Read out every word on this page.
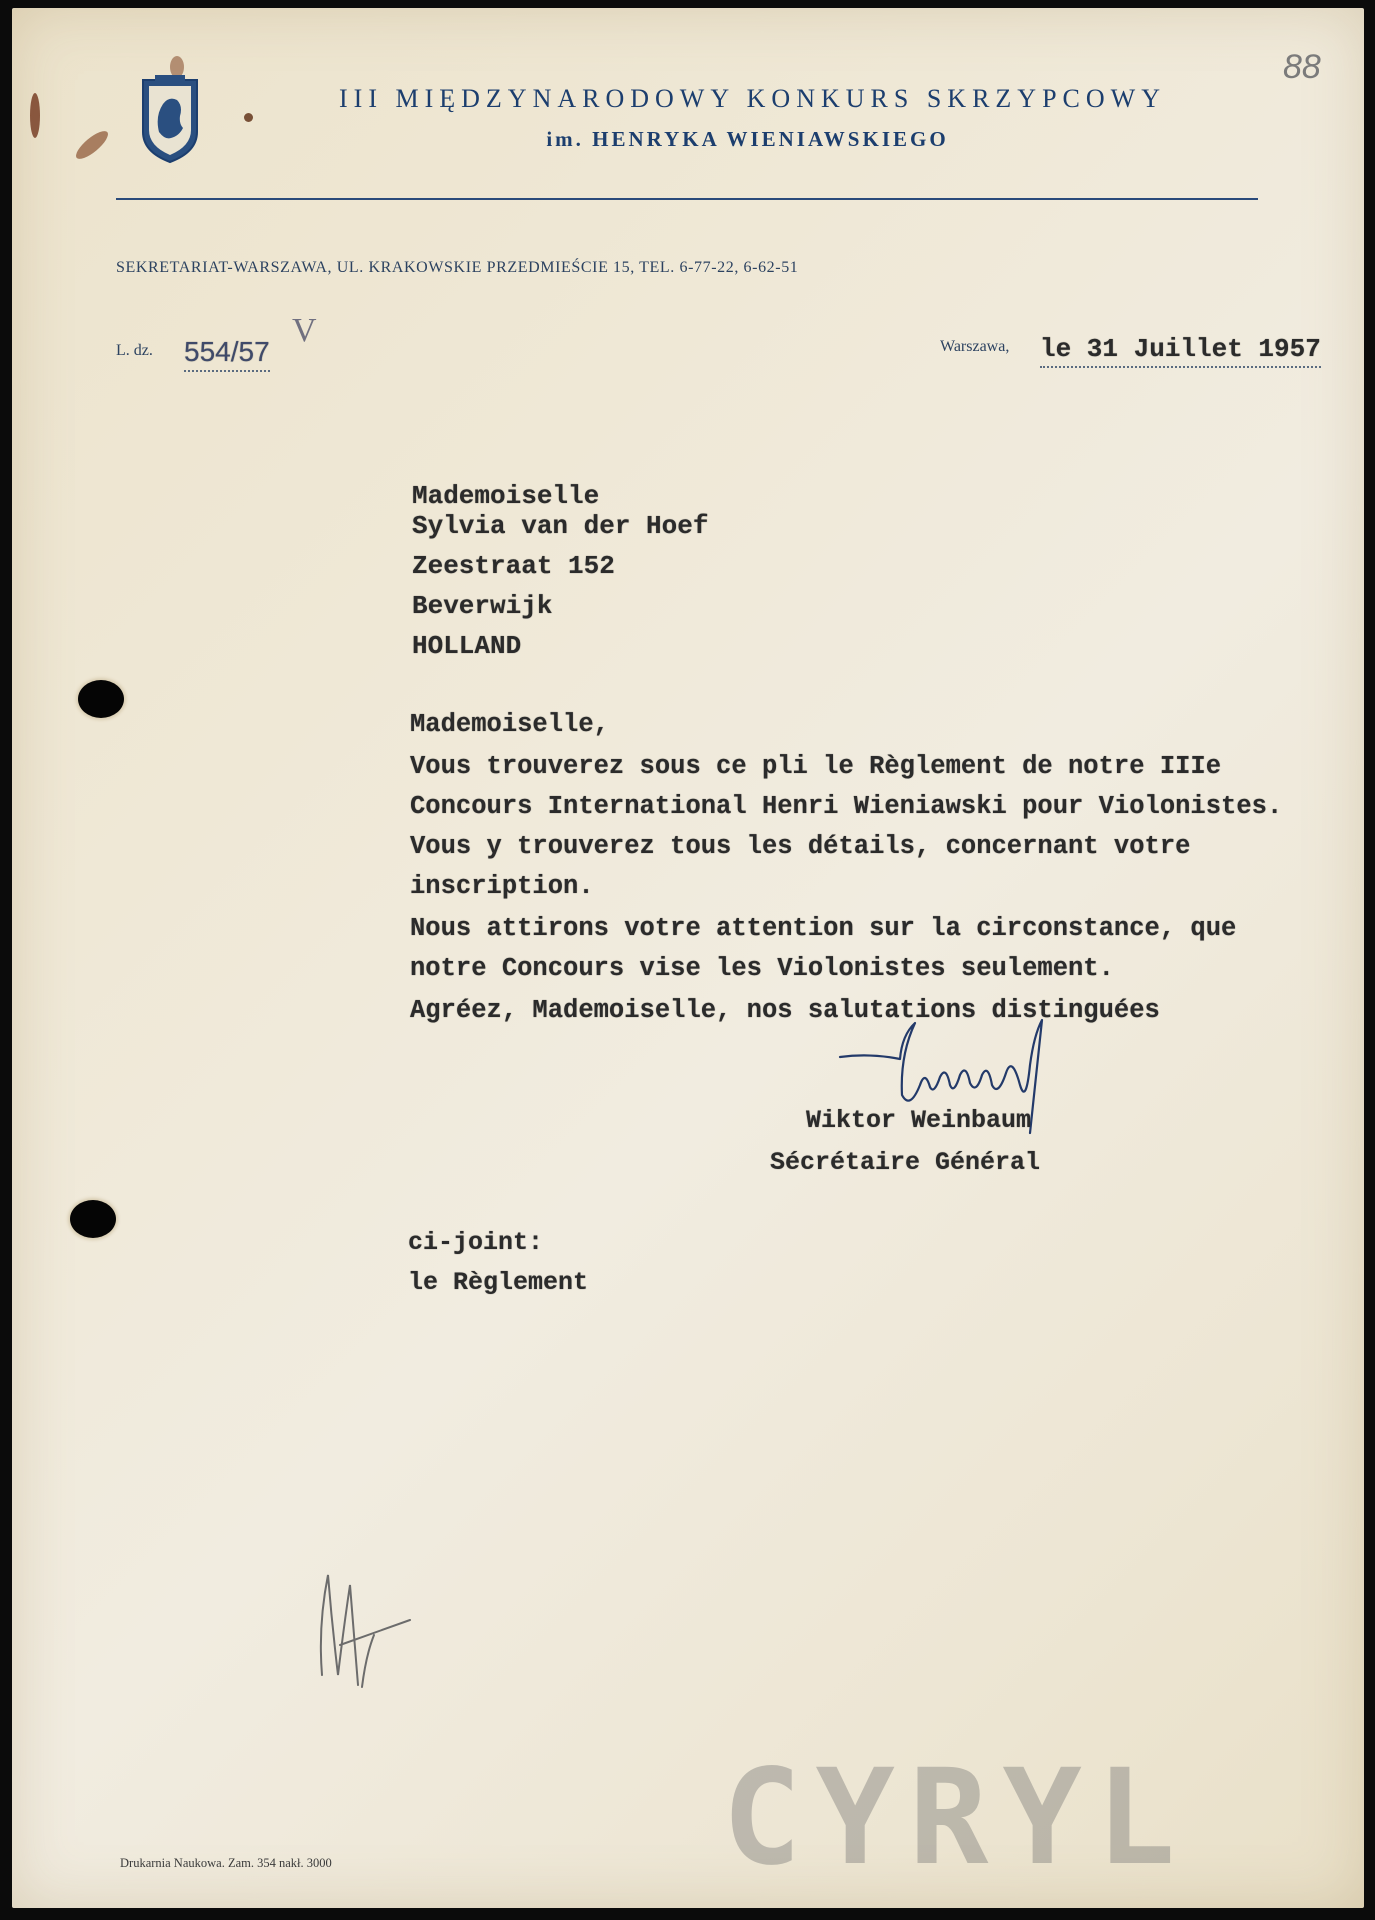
88
III MIĘDZYNARODOWY KONKURS SKRZYPCOWY
im. HENRYKA WIENIAWSKIEGO
SEKRETARIAT-WARSZAWA, UL. KRAKOWSKIE PRZEDMIEŚCIE 15, TEL. 6-77-22, 6-62-51
L. dz. 554/57
V	Warszawa, le 31 Juillet 1957
Mademoiselle
Sylvia van der Hoef
Zeestraat 152
Beverwijk
HOLLAND
Mademoiselle,
Vous trouverez sous ce pli le Règlement de notre IIIe
Concours International Henri Wieniawski pour Violonistes.
Vous y trouverez tous les détails, concernant votre
inscription.
Nous attirons votre attention sur la circonstance, que
notre Concours vise les Violonistes seulement.
Agréez, Mademoiselle, nos salutations distinguées
Wiktor Weinbaum
Sécrétaire Général
ci-joint:
le Règlement
Drukarnia Naukowa. Zam. 354 nakł. 3000	CYRYL
